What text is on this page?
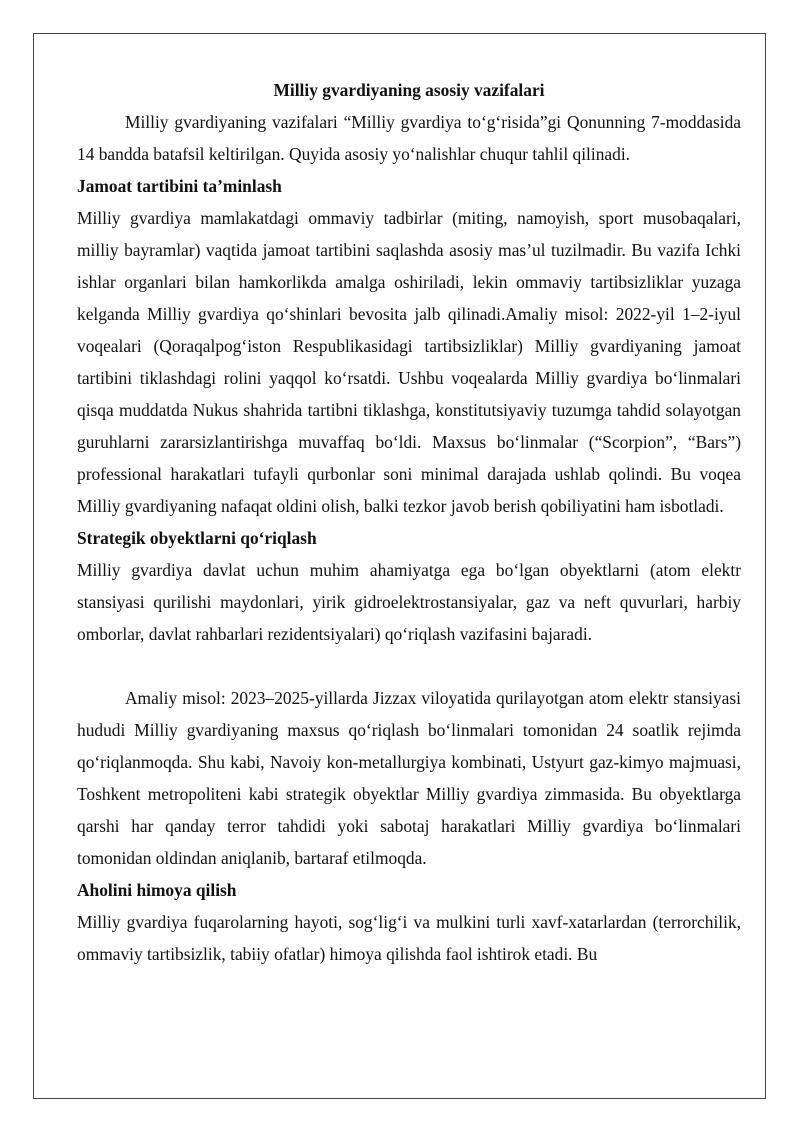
Milliy gvardiyaning asosiy vazifalari

Milliy gvardiyaning vazifalari “Milliy gvardiya to‘g‘risida”gi Qonunning 7-moddasida 14 bandda batafsil keltirilgan. Quyida asosiy yo‘nalishlar chuqur tahlil qilinadi.

Jamoat tartibini ta’minlash

Milliy gvardiya mamlakatdagi ommaviy tadbirlar (miting, namoyish, sport musobaqalari, milliy bayramlar) vaqtida jamoat tartibini saqlashda asosiy mas’ul tuzilmadir. Bu vazifa Ichki ishlar organlari bilan hamkorlikda amalga oshiriladi, lekin ommaviy tartibsizliklar yuzaga kelganda Milliy gvardiya qo‘shinlari bevosita jalb qilinadi.Amaliy misol: 2022-yil 1–2-iyul voqealari (Qoraqalpog‘iston Respublikasidagi tartibsizliklar) Milliy gvardiyaning jamoat tartibini tiklashdagi rolini yaqqol ko‘rsatdi. Ushbu voqealarda Milliy gvardiya bo‘linmalari qisqa muddatda Nukus shahrida tartibni tiklashga, konstitutsiyaviy tuzumga tahdid solayotgan guruhlarni zararsizlantirishga muvaffaq bo‘ldi. Maxsus bo‘linmalar (“Scorpion”, “Bars”) professional harakatlari tufayli qurbonlar soni minimal darajada ushlab qolindi. Bu voqea Milliy gvardiyaning nafaqat oldini olish, balki tezkor javob berish qobiliyatini ham isbotladi.

Strategik obyektlarni qo‘riqlash

Milliy gvardiya davlat uchun muhim ahamiyatga ega bo‘lgan obyektlarni (atom elektr stansiyasi qurilishi maydonlari, yirik gidroelektrostansiyalar, gaz va neft quvurlari, harbiy omborlar, davlat rahbarlari rezidentsiyalari) qo‘riqlash vazifasini bajaradi.

Amaliy misol: 2023–2025-yillarda Jizzax viloyatida qurilayotgan atom elektr stansiyasi hududi Milliy gvardiyaning maxsus qo‘riqlash bo‘linmalari tomonidan 24 soatlik rejimda qo‘riqlanmoqda. Shu kabi, Navoiy kon-metallurgiya kombinati, Ustyurt gaz-kimyo majmuasi, Toshkent metropoliteni kabi strategik obyektlar Milliy gvardiya zimmasida. Bu obyektlarga qarshi har qanday terror tahdidi yoki sabotaj harakatlari Milliy gvardiya bo‘linmalari tomonidan oldindan aniqlanib, bartaraf etilmoqda.

Aholini himoya qilish

Milliy gvardiya fuqarolarning hayoti, sog‘lig‘i va mulkini turli xavf-xatarlardan (terrorchilik, ommaviy tartibsizlik, tabiiy ofatlar) himoya qilishda faol ishtirok etadi. Bu
